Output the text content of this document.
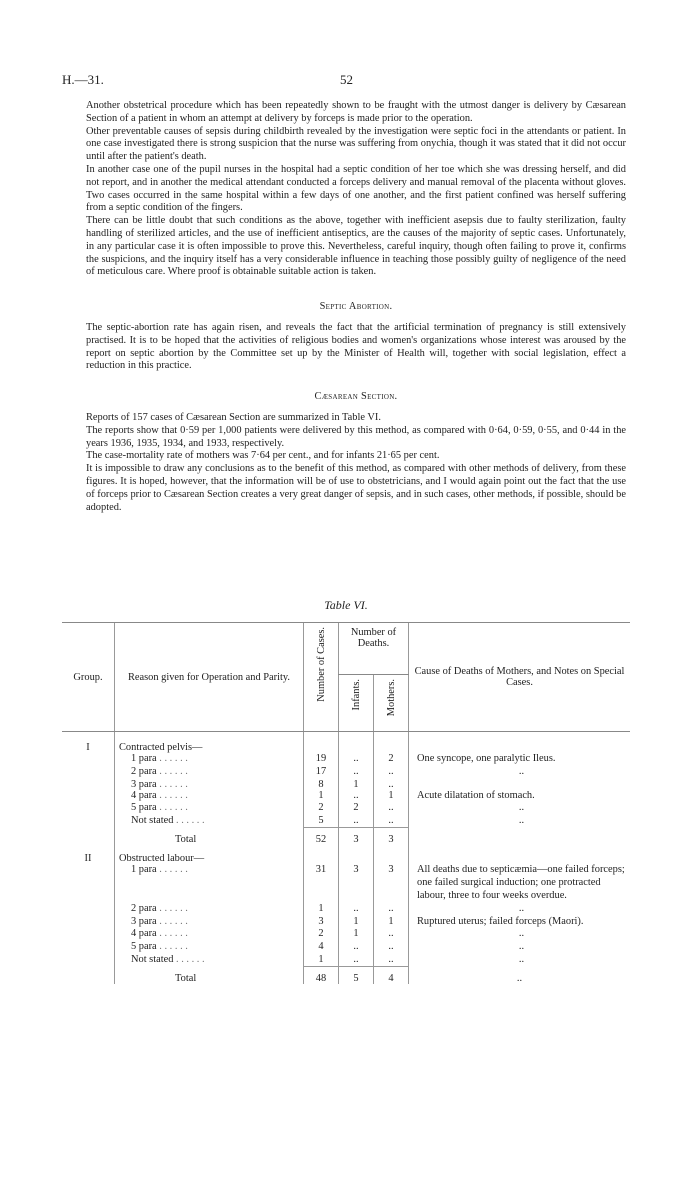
H.—31.	52

Another obstetrical procedure which has been repeatedly shown to be fraught with the utmost danger is delivery by Cæsarean Section of a patient in whom an attempt at delivery by forceps is made prior to the operation.

Other preventable causes of sepsis during childbirth revealed by the investigation were septic foci in the attendants or patient. In one case investigated there is strong suspicion that the nurse was suffering from onychia, though it was stated that it did not occur until after the patient's death.

In another case one of the pupil nurses in the hospital had a septic condition of her toe which she was dressing herself, and did not report, and in another the medical attendant conducted a forceps delivery and manual removal of the placenta without gloves. Two cases occurred in the same hospital within a few days of one another, and the first patient confined was herself suffering from a septic condition of the fingers.

There can be little doubt that such conditions as the above, together with inefficient asepsis due to faulty sterilization, faulty handling of sterilized articles, and the use of inefficient antiseptics, are the causes of the majority of septic cases. Unfortunately, in any particular case it is often impossible to prove this. Nevertheless, careful inquiry, though often failing to prove it, confirms the suspicions, and the inquiry itself has a very considerable influence in teaching those possibly guilty of negligence of the need of meticulous care. Where proof is obtainable suitable action is taken.

Septic Abortion.

The septic-abortion rate has again risen, and reveals the fact that the artificial termination of pregnancy is still extensively practised. It is to be hoped that the activities of religious bodies and women's organizations whose interest was aroused by the report on septic abortion by the Committee set up by the Minister of Health will, together with social legislation, effect a reduction in this practice.

Cæsarean Section.

Reports of 157 cases of Cæsarean Section are summarized in Table VI.

The reports show that 0·59 per 1,000 patients were delivered by this method, as compared with 0·64, 0·59, 0·55, and 0·44 in the years 1936, 1935, 1934, and 1933, respectively.

The case-mortality rate of mothers was 7·64 per cent., and for infants 21·65 per cent.

It is impossible to draw any conclusions as to the benefit of this method, as compared with other methods of delivery, from these figures. It is hoped, however, that the information will be of use to obstetricians, and I would again point out the fact that the use of forceps prior to Cæsarean Section creates a very great danger of sepsis, and in such cases, other methods, if possible, should be adopted.

Table VI.
Group.	Reason given for Operation and Parity.	Number of Cases.	Number of Deaths.		Cause of Deaths of Mothers, and Notes on Special Cases.
			Infants.	Mothers.	
I	Contracted pelvis—				
	1 para . . . . . .	19	..	2	One syncope, one paralytic Ileus.
	2 para . . . . . .	17	..	..	..
	3 para . . . . . .	8	1	..	
	4 para . . . . . .	1	..	1	Acute dilatation of stomach.
	5 para . . . . . .	2	2	..	..
	Not stated . . . . . .	5	..	..	..
	Total	52	3	3	
II	Obstructed labour—				
	1 para . . . . . .	31	3	3	All deaths due to septicæmia—one failed forceps; one failed surgical induction; one protracted labour, three to four weeks overdue.
	2 para . . . . . .	1	..	..	..
	3 para . . . . . .	3	1	1	Ruptured uterus; failed forceps (Maori).
	4 para . . . . . .	2	1	..	..
	5 para . . . . . .	4	..	..	..
	Not stated . . . . . .	1	..	..	..
	Total	48	5	4	..
